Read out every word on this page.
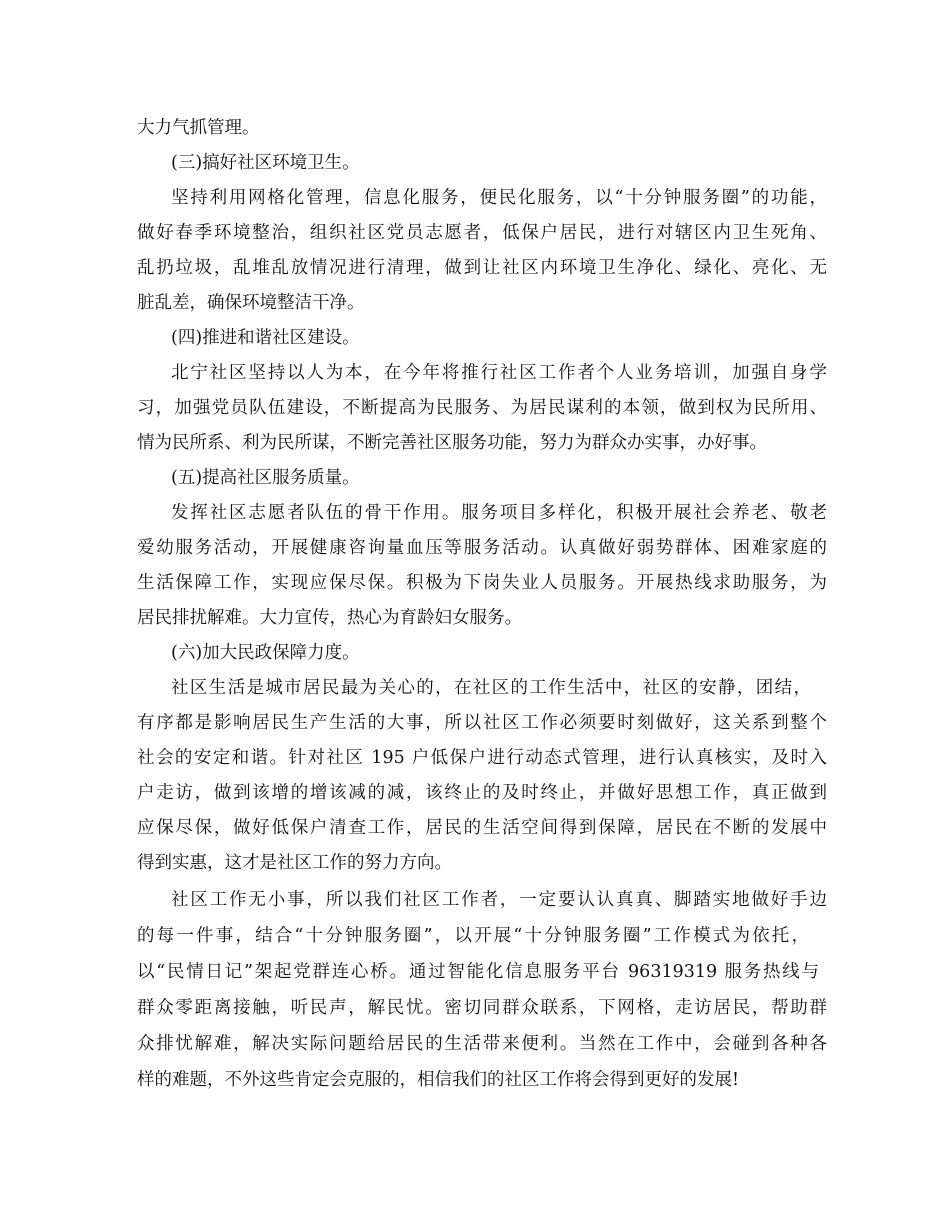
大力气抓管理。
(三)搞好社区环境卫生。
坚持利用网格化管理，信息化服务，便民化服务，以“十分钟服务圈”的功能，
做好春季环境整治，组织社区党员志愿者，低保户居民，进行对辖区内卫生死角、
乱扔垃圾，乱堆乱放情况进行清理，做到让社区内环境卫生净化、绿化、亮化、无
脏乱差，确保环境整洁干净。
(四)推进和谐社区建设。
北宁社区坚持以人为本，在今年将推行社区工作者个人业务培训，加强自身学
习，加强党员队伍建设，不断提高为民服务、为居民谋利的本领，做到权为民所用、
情为民所系、利为民所谋，不断完善社区服务功能，努力为群众办实事，办好事。
(五)提高社区服务质量。
发挥社区志愿者队伍的骨干作用。服务项目多样化，积极开展社会养老、敬老
爱幼服务活动，开展健康咨询量血压等服务活动。认真做好弱势群体、困难家庭的
生活保障工作，实现应保尽保。积极为下岗失业人员服务。开展热线求助服务，为
居民排扰解难。大力宣传，热心为育龄妇女服务。
(六)加大民政保障力度。
社区生活是城市居民最为关心的，在社区的工作生活中，社区的安静，团结，
有序都是影响居民生产生活的大事，所以社区工作必须要时刻做好，这关系到整个
社会的安定和谐。针对社区 195 户低保户进行动态式管理，进行认真核实，及时入
户走访，做到该增的增该减的减，该终止的及时终止，并做好思想工作，真正做到
应保尽保，做好低保户清查工作，居民的生活空间得到保障，居民在不断的发展中
得到实惠，这才是社区工作的努力方向。
社区工作无小事，所以我们社区工作者，一定要认认真真、脚踏实地做好手边
的每一件事，结合“十分钟服务圈”，以开展“十分钟服务圈”工作模式为依托，
以“民情日记”架起党群连心桥。通过智能化信息服务平台 96319319 服务热线与
群众零距离接触，听民声，解民忧。密切同群众联系，下网格，走访居民，帮助群
众排忧解难，解决实际问题给居民的生活带来便利。当然在工作中，会碰到各种各
样的难题，不外这些肯定会克服的，相信我们的社区工作将会得到更好的发展!
